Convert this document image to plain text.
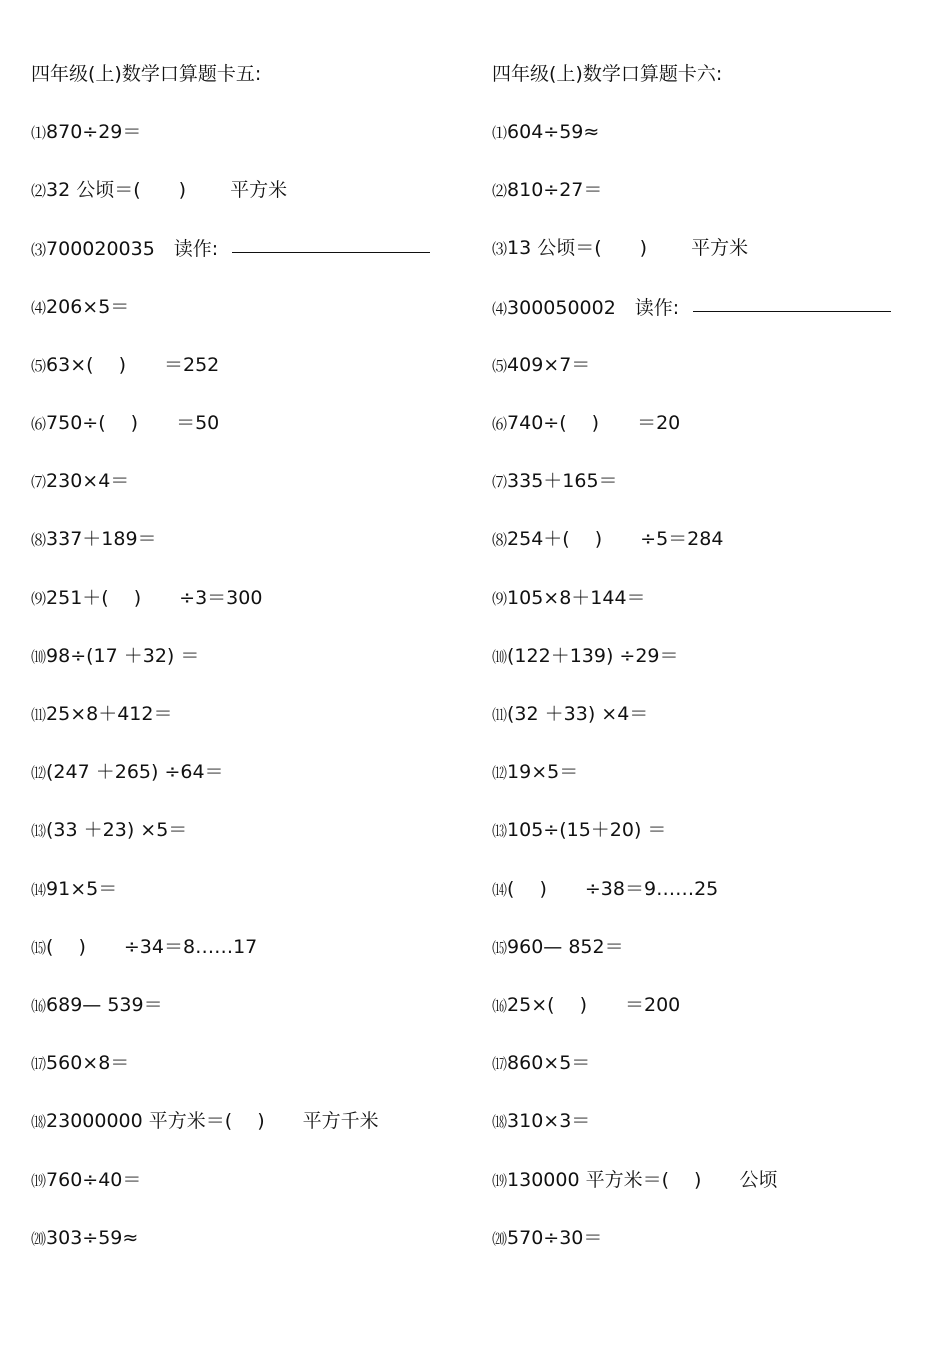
四年级(上)数学口算题卡五:
⑴ 870÷29＝
⑵ 32 公顷＝(　　)　　 平方米
⑶ 700020035　读作:
⑷ 206×5＝
⑸ 63×(　 )　　＝252
⑹ 750÷(　 )　　＝50
⑺ 230×4＝
⑻ 337＋189＝
⑼ 251＋(　 )　　÷3＝300
⑽ 98÷(17 ＋32) ＝
⑾ 25×8＋412＝
⑿ (247 ＋265) ÷64＝
⒀ (33 ＋23) ×5＝
⒁ 91×5＝
⒂ (　 )　　÷34＝8……17
⒃ 689— 539＝
⒄ 560×8＝
⒅ 23000000 平方米＝(　 )　　平方千米
⒆ 760÷40＝
⒇ 303÷59≈
四年级(上)数学口算题卡六:
⑴ 604÷59≈
⑵ 810÷27＝
⑶ 13 公顷＝(　　)　　 平方米
⑷ 300050002　读作:
⑸ 409×7＝
⑹ 740÷(　 )　　＝20
⑺ 335＋165＝
⑻ 254＋(　 )　　÷5＝284
⑼ 105×8＋144＝
⑽ (122＋139) ÷29＝
⑾ (32 ＋33) ×4＝
⑿ 19×5＝
⒀ 105÷(15＋20) ＝
⒁ (　 )　　÷38＝9……25
⒂ 960— 852＝
⒃ 25×(　 )　　＝200
⒄ 860×5＝
⒅ 310×3＝
⒆ 130000 平方米＝(　 )　　公顷
⒇ 570÷30＝
